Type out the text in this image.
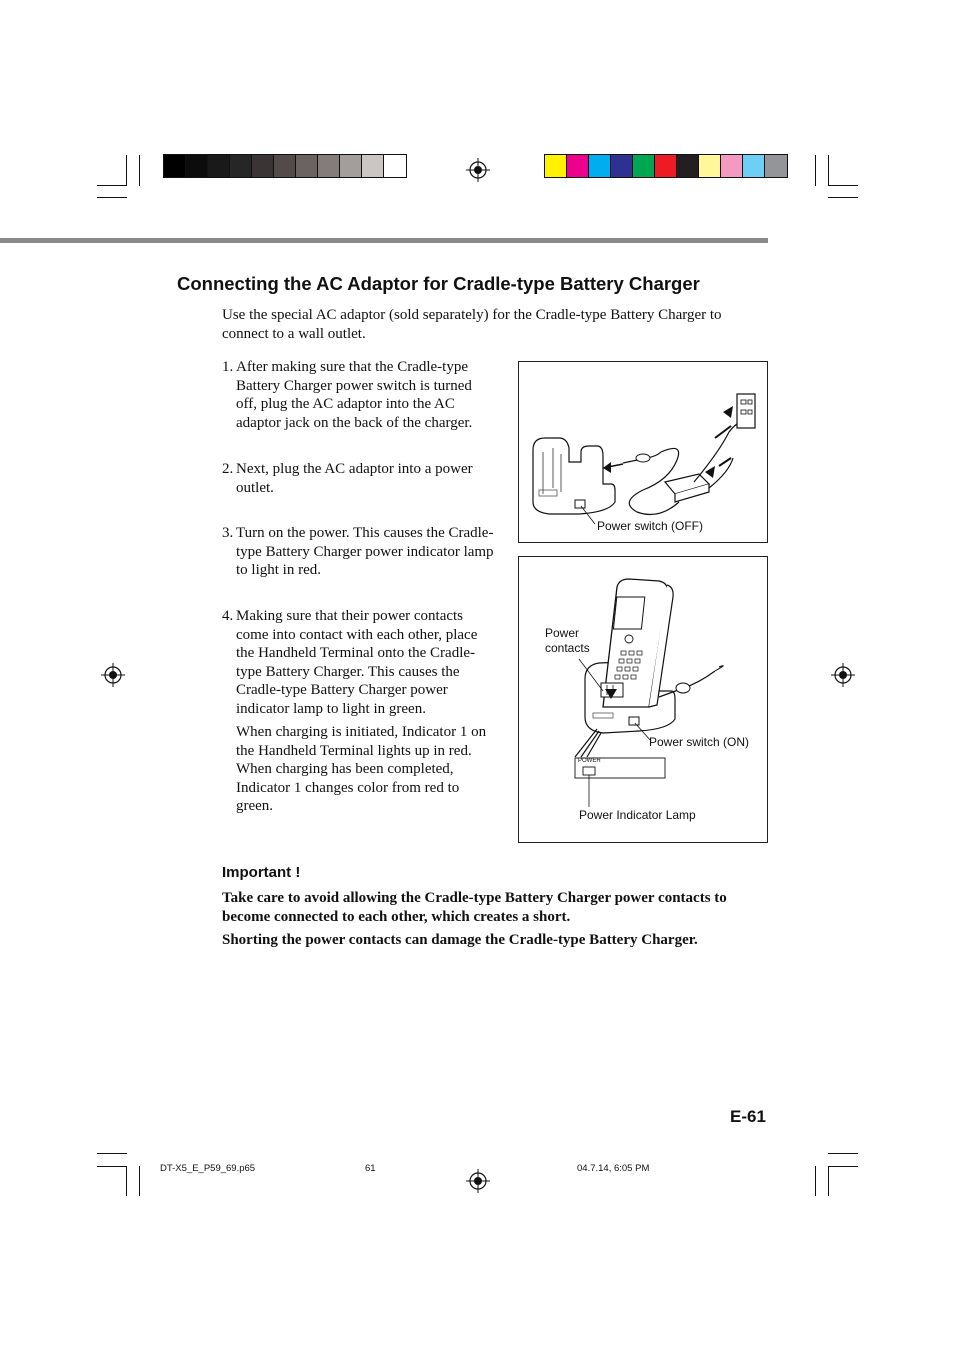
Connecting the AC Adaptor for Cradle-type Battery Charger

Use the special AC adaptor (sold separately) for the Cradle-type Battery Charger to connect to a wall outlet.

1. After making sure that the Cradle-type Battery Charger power switch is turned off, plug the AC adaptor into the AC adaptor jack on the back of the charger.
2. Next, plug the AC adaptor into a power outlet.
3. Turn on the power. This causes the Cradle-type Battery Charger power indicator lamp to light in red.
4. Making sure that their power contacts come into contact with each other, place the Handheld Terminal onto the Cradle-type Battery Charger. This causes the Cradle-type Battery Charger power indicator lamp to light in green.
When charging is initiated, Indicator 1 on the Handheld Terminal lights up in red. When charging has been completed, Indicator 1 changes color from red to green.
Power switch (OFF)
Power
contacts
Power switch (ON)
POWER
Power Indicator Lamp
Important !

Take care to avoid allowing the Cradle-type Battery Charger power contacts to become connected to each other, which creates a short.

Shorting the power contacts can damage the Cradle-type Battery Charger.

E-61
DT-X5_E_P59_69.p65	61	04.7.14, 6:05 PM
